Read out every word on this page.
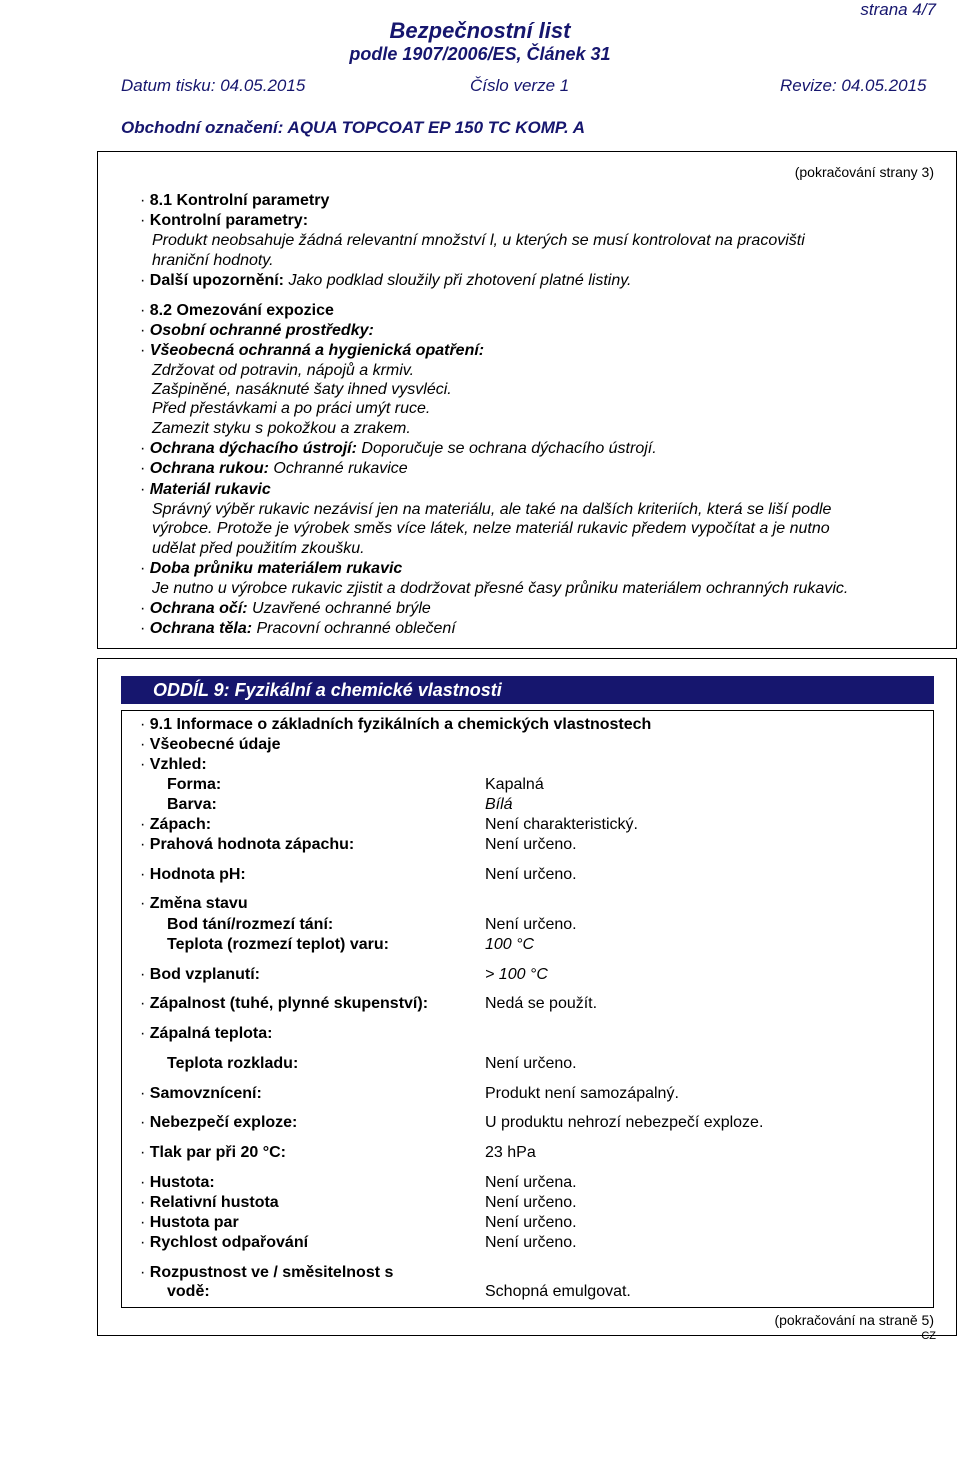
strana 4/7
Bezpečnostní list
podle 1907/2006/ES, Článek 31
Datum tisku: 04.05.2015	Číslo verze 1	Revize: 04.05.2015
Obchodní označení: AQUA TOPCOAT EP 150 TC KOMP. A
(pokračování strany 3)
· 8.1 Kontrolní parametry
· Kontrolní parametry:
Produkt neobsahuje žádná relevantní množství l, u kterých se musí kontrolovat na pracovišti
hraniční hodnoty.
· Další upozornění: Jako podklad sloužily při zhotovení platné listiny.
· 8.2 Omezování expozice
· Osobní ochranné prostředky:
· Všeobecná ochranná a hygienická opatření:
Zdržovat od potravin, nápojů a krmiv.
Zašpiněné, nasáknuté šaty ihned vysvléci.
Před přestávkami a po práci umýt ruce.
Zamezit styku s pokožkou a zrakem.
· Ochrana dýchacího ústrojí: Doporučuje se ochrana dýchacího ústrojí.
· Ochrana rukou: Ochranné rukavice
· Materiál rukavic
Správný výběr rukavic nezávisí jen na materiálu, ale také na dalších kriteriích, která se liší podle
výrobce. Protože je výrobek směs více látek, nelze materiál rukavic předem vypočítat a je nutno
udělat před použitím zkoušku.
· Doba průniku materiálem rukavic
Je nutno u výrobce rukavic zjistit a dodržovat přesné časy průniku materiálem ochranných rukavic.
· Ochrana očí: Uzavřené ochranné brýle
· Ochrana těla: Pracovní ochranné oblečení
ODDÍL 9: Fyzikální a chemické vlastnosti
· 9.1 Informace o základních fyzikálních a chemických vlastnostech
· Všeobecné údaje
· Vzhled:
Forma:	Kapalná
Barva:	Bílá
· Zápach:	Není charakteristický.
· Prahová hodnota zápachu:	Není určeno.
· Hodnota pH:	Není určeno.
· Změna stavu
Bod tání/rozmezí tání:	Není určeno.
Teplota (rozmezí teplot) varu:	100 °C
· Bod vzplanutí:	> 100 °C
· Zápalnost (tuhé, plynné skupenství):	Nedá se použít.
· Zápalná teplota:
Teplota rozkladu:	Není určeno.
· Samovznícení:	Produkt není samozápalný.
· Nebezpečí exploze:	U produktu nehrozí nebezpečí exploze.
· Tlak par při 20 °C:	23 hPa
· Hustota:	Není určena.
· Relativní hustota	Není určeno.
· Hustota par	Není určeno.
· Rychlost odpařování	Není určeno.
· Rozpustnost ve / směsitelnost s
vodě:	Schopná emulgovat.
(pokračování na straně 5)
CZ
